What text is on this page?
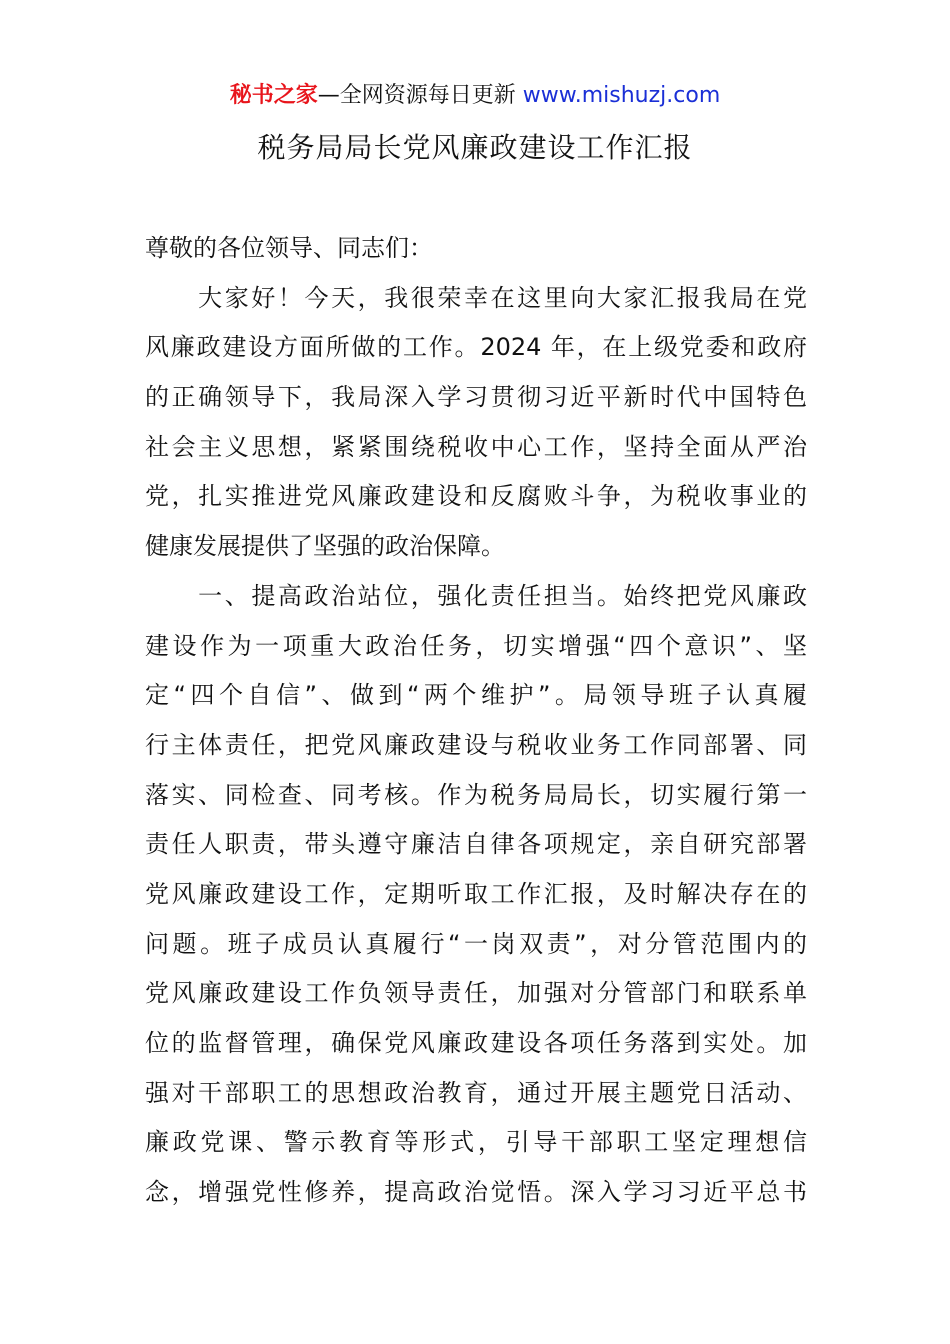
秘书之家—全网资源每日更新 www.mishuzj.com
税务局局长党风廉政建设工作汇报
尊敬的各位领导、同志们：
　　大家好！今天，我很荣幸在这里向大家汇报我局在党
风廉政建设方面所做的工作。2024 年，在上级党委和政府
的正确领导下，我局深入学习贯彻习近平新时代中国特色
社会主义思想，紧紧围绕税收中心工作，坚持全面从严治
党，扎实推进党风廉政建设和反腐败斗争，为税收事业的
健康发展提供了坚强的政治保障。
　　一、提高政治站位，强化责任担当。始终把党风廉政
建设作为一项重大政治任务，切实增强“四个意识”、坚
定“四个自信”、做到“两个维护”。局领导班子认真履
行主体责任，把党风廉政建设与税收业务工作同部署、同
落实、同检查、同考核。作为税务局局长，切实履行第一
责任人职责，带头遵守廉洁自律各项规定，亲自研究部署
党风廉政建设工作，定期听取工作汇报，及时解决存在的
问题。班子成员认真履行“一岗双责”，对分管范围内的
党风廉政建设工作负领导责任，加强对分管部门和联系单
位的监督管理，确保党风廉政建设各项任务落到实处。加
强对干部职工的思想政治教育，通过开展主题党日活动、
廉政党课、警示教育等形式，引导干部职工坚定理想信
念，增强党性修养，提高政治觉悟。深入学习习近平总书
